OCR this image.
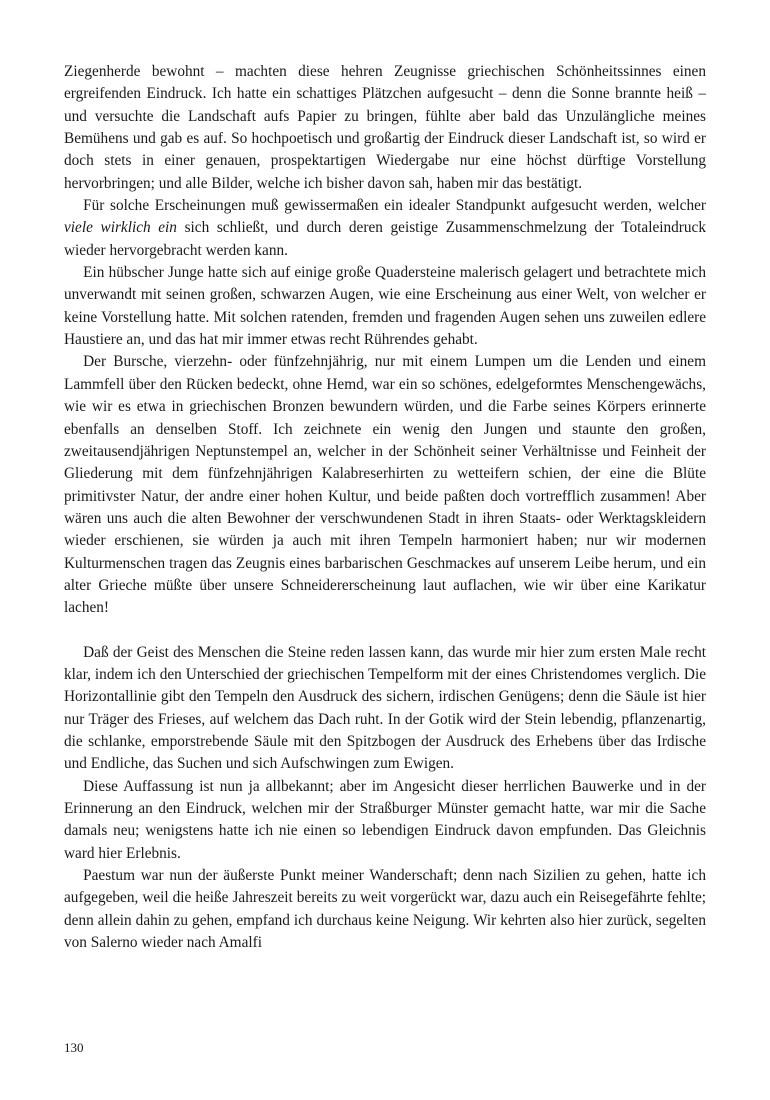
Ziegenherde bewohnt – machten diese hehren Zeugnisse griechischen Schönheitssinnes einen ergreifenden Eindruck. Ich hatte ein schattiges Plätzchen aufgesucht – denn die Sonne brannte heiß – und versuchte die Landschaft aufs Papier zu bringen, fühlte aber bald das Unzulängliche meines Bemühens und gab es auf. So hochpoetisch und großartig der Eindruck dieser Landschaft ist, so wird er doch stets in einer genauen, prospektartigen Wiedergabe nur eine höchst dürftige Vorstellung hervorbringen; und alle Bilder, welche ich bisher davon sah, haben mir das bestätigt.

Für solche Erscheinungen muß gewissermaßen ein idealer Standpunkt aufgesucht werden, welcher viele wirklich ein sich schließt, und durch deren geistige Zusammenschmelzung der Totaleindruck wieder hervorgebracht werden kann.

Ein hübscher Junge hatte sich auf einige große Quadersteine malerisch gelagert und betrachtete mich unverwandt mit seinen großen, schwarzen Augen, wie eine Erscheinung aus einer Welt, von welcher er keine Vorstellung hatte. Mit solchen ratenden, fremden und fragenden Augen sehen uns zuweilen edlere Haustiere an, und das hat mir immer etwas recht Rührendes gehabt.

Der Bursche, vierzehn- oder fünfzehnjährig, nur mit einem Lumpen um die Lenden und einem Lammfell über den Rücken bedeckt, ohne Hemd, war ein so schönes, edelgeformtes Menschengewächs, wie wir es etwa in griechischen Bronzen bewundern würden, und die Farbe seines Körpers erinnerte ebenfalls an denselben Stoff. Ich zeichnete ein wenig den Jungen und staunte den großen, zweitausendjährigen Neptunstempel an, welcher in der Schönheit seiner Verhältnisse und Feinheit der Gliederung mit dem fünfzehnjährigen Kalabreserhirten zu wetteifern schien, der eine die Blüte primitivster Natur, der andre einer hohen Kultur, und beide paßten doch vortrefflich zusammen! Aber wären uns auch die alten Bewohner der verschwundenen Stadt in ihren Staats- oder Werktagskleidern wieder erschienen, sie würden ja auch mit ihren Tempeln harmoniert haben; nur wir modernen Kulturmenschen tragen das Zeugnis eines barbarischen Geschmackes auf unserem Leibe herum, und ein alter Grieche müßte über unsere Schneidererscheinung laut auflachen, wie wir über eine Karikatur lachen!

Daß der Geist des Menschen die Steine reden lassen kann, das wurde mir hier zum ersten Male recht klar, indem ich den Unterschied der griechischen Tempelform mit der eines Christendomes verglich. Die Horizontallinie gibt den Tempeln den Ausdruck des sichern, irdischen Genügens; denn die Säule ist hier nur Träger des Frieses, auf welchem das Dach ruht. In der Gotik wird der Stein lebendig, pflanzenartig, die schlanke, emporstrebende Säule mit den Spitzbogen der Ausdruck des Erhebens über das Irdische und Endliche, das Suchen und sich Aufschwingen zum Ewigen.

Diese Auffassung ist nun ja allbekannt; aber im Angesicht dieser herrlichen Bauwerke und in der Erinnerung an den Eindruck, welchen mir der Straßburger Münster gemacht hatte, war mir die Sache damals neu; wenigstens hatte ich nie einen so lebendigen Eindruck davon empfunden. Das Gleichnis ward hier Erlebnis.

Paestum war nun der äußerste Punkt meiner Wanderschaft; denn nach Sizilien zu gehen, hatte ich aufgegeben, weil die heiße Jahreszeit bereits zu weit vorgerückt war, dazu auch ein Reisegefährte fehlte; denn allein dahin zu gehen, empfand ich durchaus keine Neigung. Wir kehrten also hier zurück, segelten von Salerno wieder nach Amalfi

130
